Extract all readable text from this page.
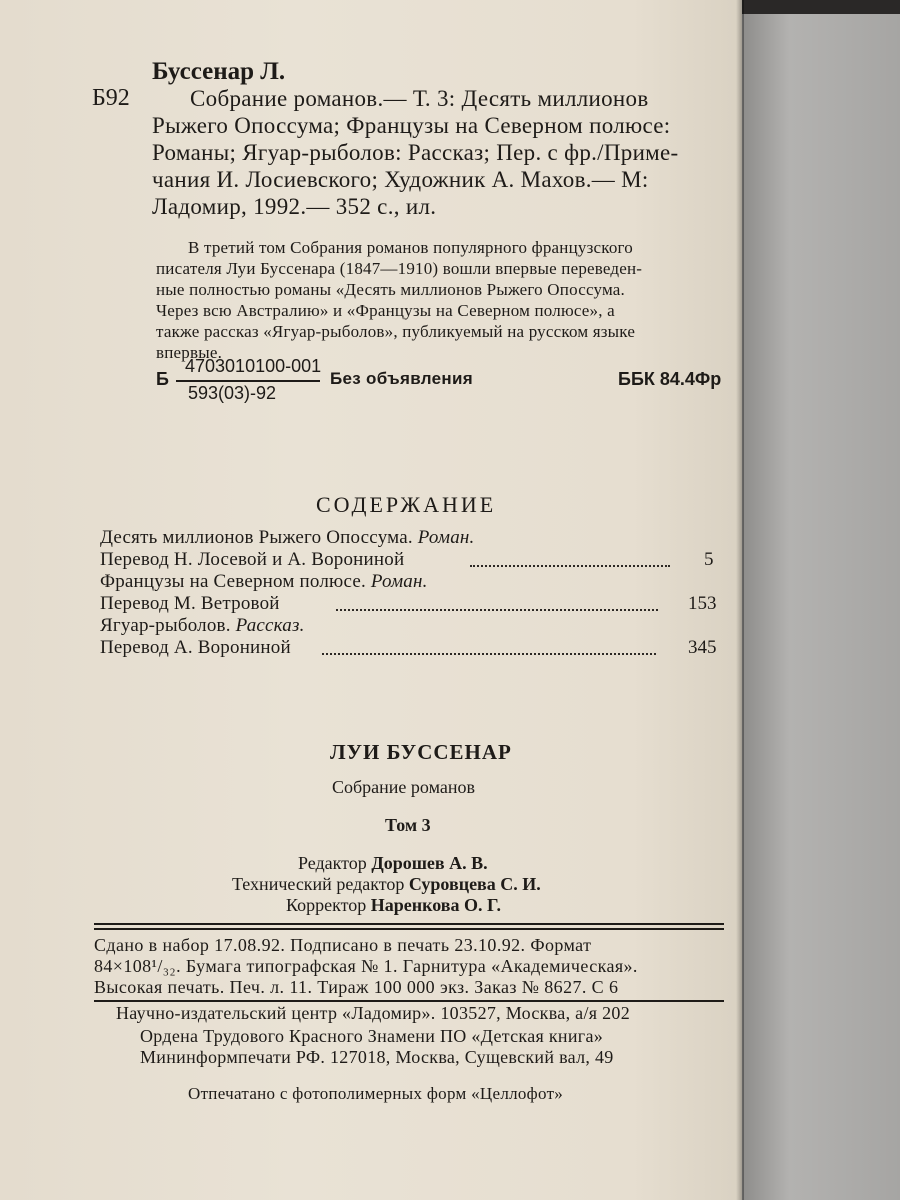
Буссенар Л.
Б92	Собрание романов.— Т. 3: Десять миллионов
Рыжего Опоссума; Французы на Северном полюсе:
Романы; Ягуар-рыболов: Рассказ; Пер. с фр./Приме-
чания И. Лосиевского; Художник А. Махов.— М:
Ладомир, 1992.— 352 с., ил.
В третий том Собрания романов популярного французского
писателя Луи Буссенара (1847—1910) вошли впервые переведен-
ные полностью романы «Десять миллионов Рыжего Опоссума.
Через всю Австралию» и «Французы на Северном полюсе», а
также рассказ «Ягуар-рыболов», публикуемый на русском языке
впервые.
Б
4703010100-001
593(03)-92
Без объявления	ББК 84.4Фр
СОДЕРЖАНИЕ
Десять миллионов Рыжего Опоссума. Роман.
Перевод Н. Лосевой и А. Ворониной	5
Французы на Северном полюсе. Роман.
Перевод М. Ветровой	153
Ягуар-рыболов. Рассказ.
Перевод А. Ворониной	345
ЛУИ БУССЕНАР
Собрание романов
Том 3
Редактор Дорошев А. В.
Технический редактор Суровцева С. И.
Корректор Наренкова О. Г.
Сдано в набор 17.08.92. Подписано в печать 23.10.92. Формат
84×108¹/₃₂. Бумага типографская № 1. Гарнитура «Академическая».
Высокая печать. Печ. л. 11. Тираж 100 000 экз. Заказ № 8627. С 6
Научно-издательский центр «Ладомир». 103527, Москва, а/я 202
Ордена Трудового Красного Знамени ПО «Детская книга»
Мининформпечати РФ. 127018, Москва, Сущевский вал, 49
Отпечатано с фотополимерных форм «Целлофот»
